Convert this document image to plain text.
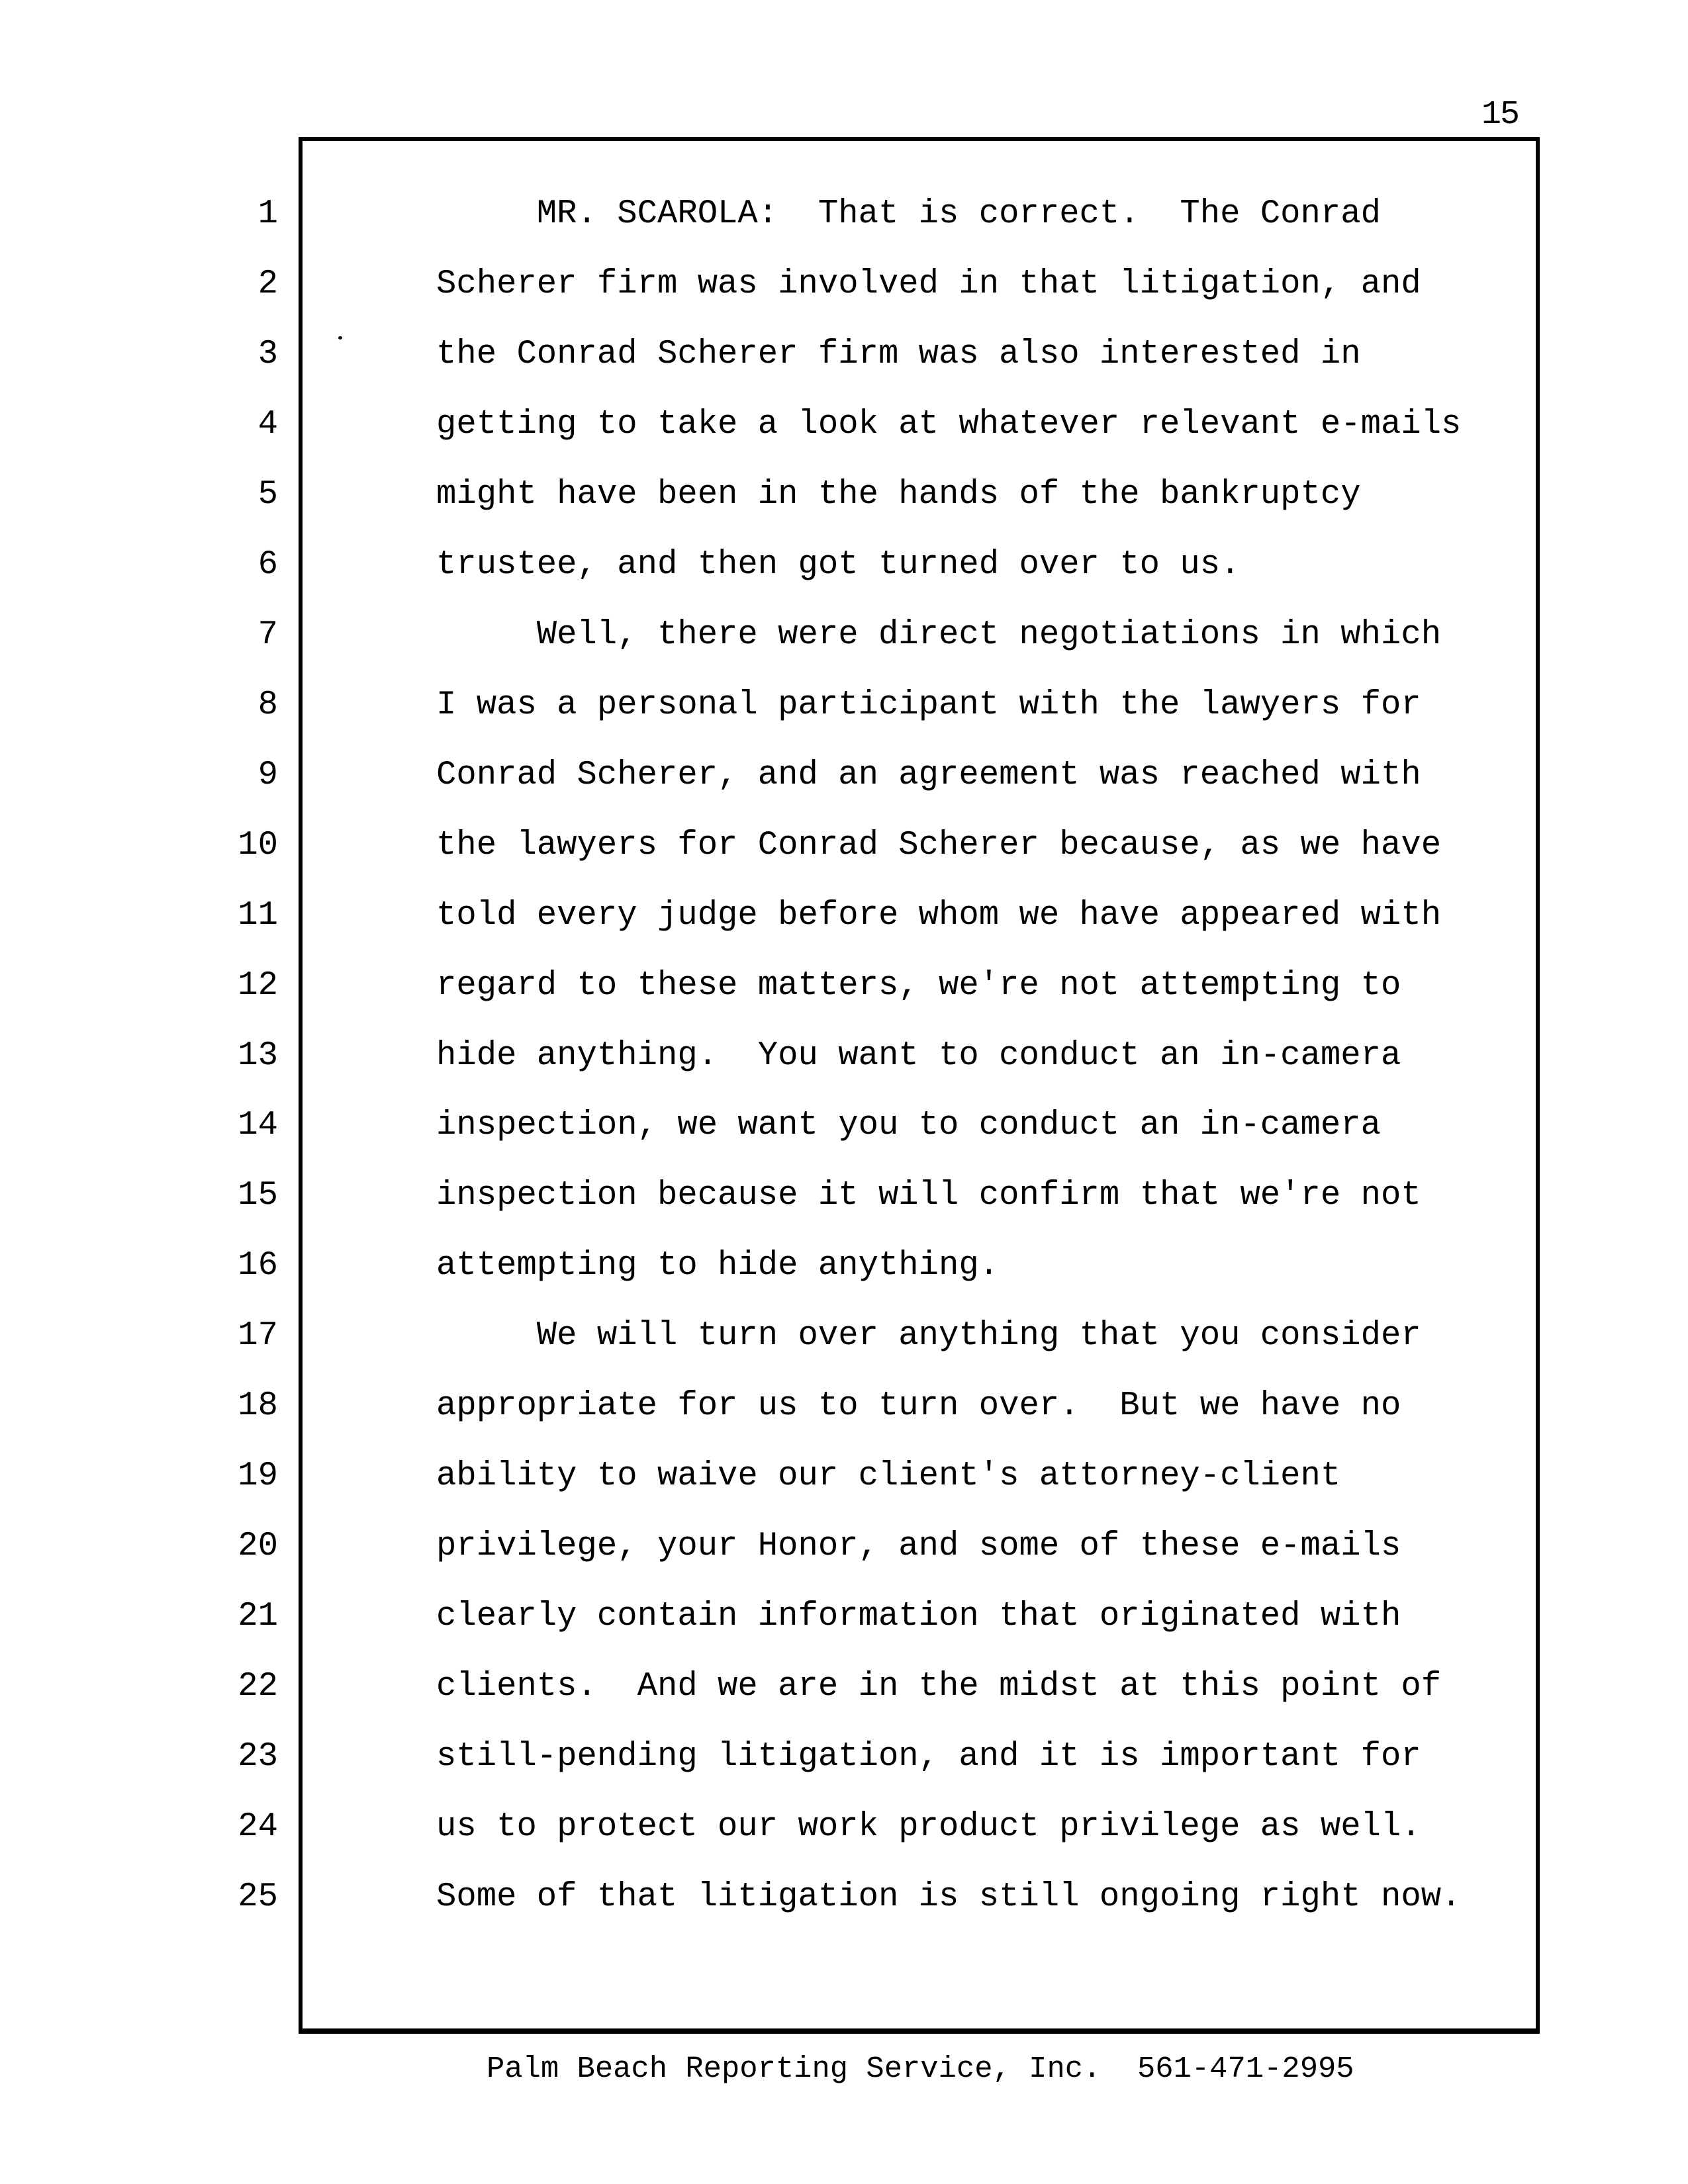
15
1	MR. SCAROLA:  That is correct.  The Conrad
2	Scherer firm was involved in that litigation, and
3	the Conrad Scherer firm was also interested in
4	getting to take a look at whatever relevant e-mails
5	might have been in the hands of the bankruptcy
6	trustee, and then got turned over to us.
7	Well, there were direct negotiations in which
8	I was a personal participant with the lawyers for
9	Conrad Scherer, and an agreement was reached with
10	the lawyers for Conrad Scherer because, as we have
11	told every judge before whom we have appeared with
12	regard to these matters, we're not attempting to
13	hide anything.  You want to conduct an in-camera
14	inspection, we want you to conduct an in-camera
15	inspection because it will confirm that we're not
16	attempting to hide anything.
17	We will turn over anything that you consider
18	appropriate for us to turn over.  But we have no
19	ability to waive our client's attorney-client
20	privilege, your Honor, and some of these e-mails
21	clearly contain information that originated with
22	clients.  And we are in the midst at this point of
23	still-pending litigation, and it is important for
24	us to protect our work product privilege as well.
25	Some of that litigation is still ongoing right now.
Palm Beach Reporting Service, Inc.  561-471-2995
